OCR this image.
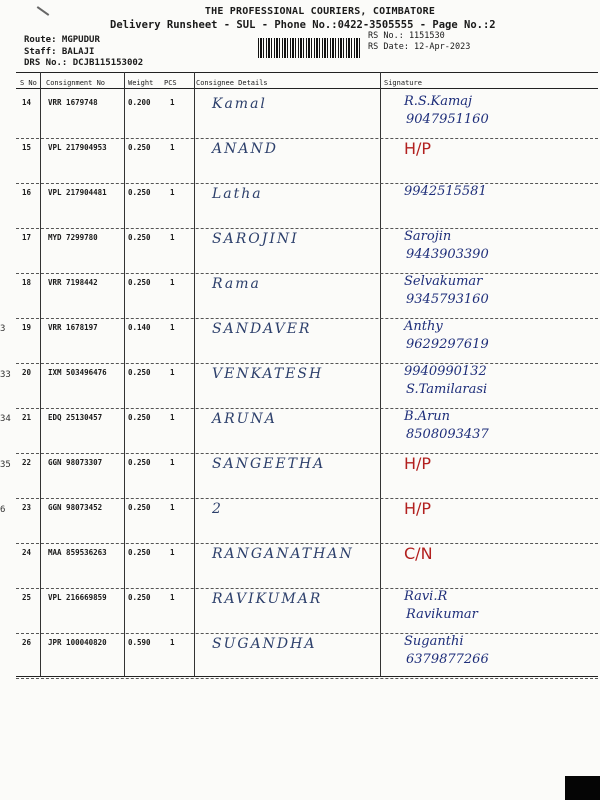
THE PROFESSIONAL COURIERS, COIMBATORE
Delivery Runsheet - SUL - Phone No.:0422-3505555 - Page No.:2
Route: MGPUDUR
Staff: BALAJI
DRS No.: DCJB115153002
RS No.: 1151530
RS Date: 12-Apr-2023
S No Consignment No	Weight PCS	Consignee Details	Signature
14 VRR 1679748	0.200	1	Kamal	R.S.Kamaj
9047951160
15 VPL 217904953	0.250	1	ANAND	H/P
16 VPL 217904481	0.250	1	Latha	9942515581
17 MYD 7299780	0.250	1	SAROJINI	Sarojin
9443903390
18 VRR 7198442	0.250	1	Rama	Selvakumar
9345793160
19 VRR 1678197	0.140	1	SANDAVER	Anthy
9629297619
20 IXM 503496476	0.250	1	VENKATESH	9940990132
S.Tamilarasi
21 EDQ 25130457	0.250	1	ARUNA	B.Arun
8508093437
22 GGN 98073307	0.250	1	SANGEETHA	H/P
23 GGN 98073452	0.250	1	2	H/P
24 MAA 859536263	0.250	1	RANGANATHAN	C/N
25 VPL 216669859	0.250	1	RAVIKUMAR	Ravi.R
Ravikumar
26 JPR 100040820	0.590	1	SUGANDHA	Suganthi
6379877266
3
33
34
35
6
